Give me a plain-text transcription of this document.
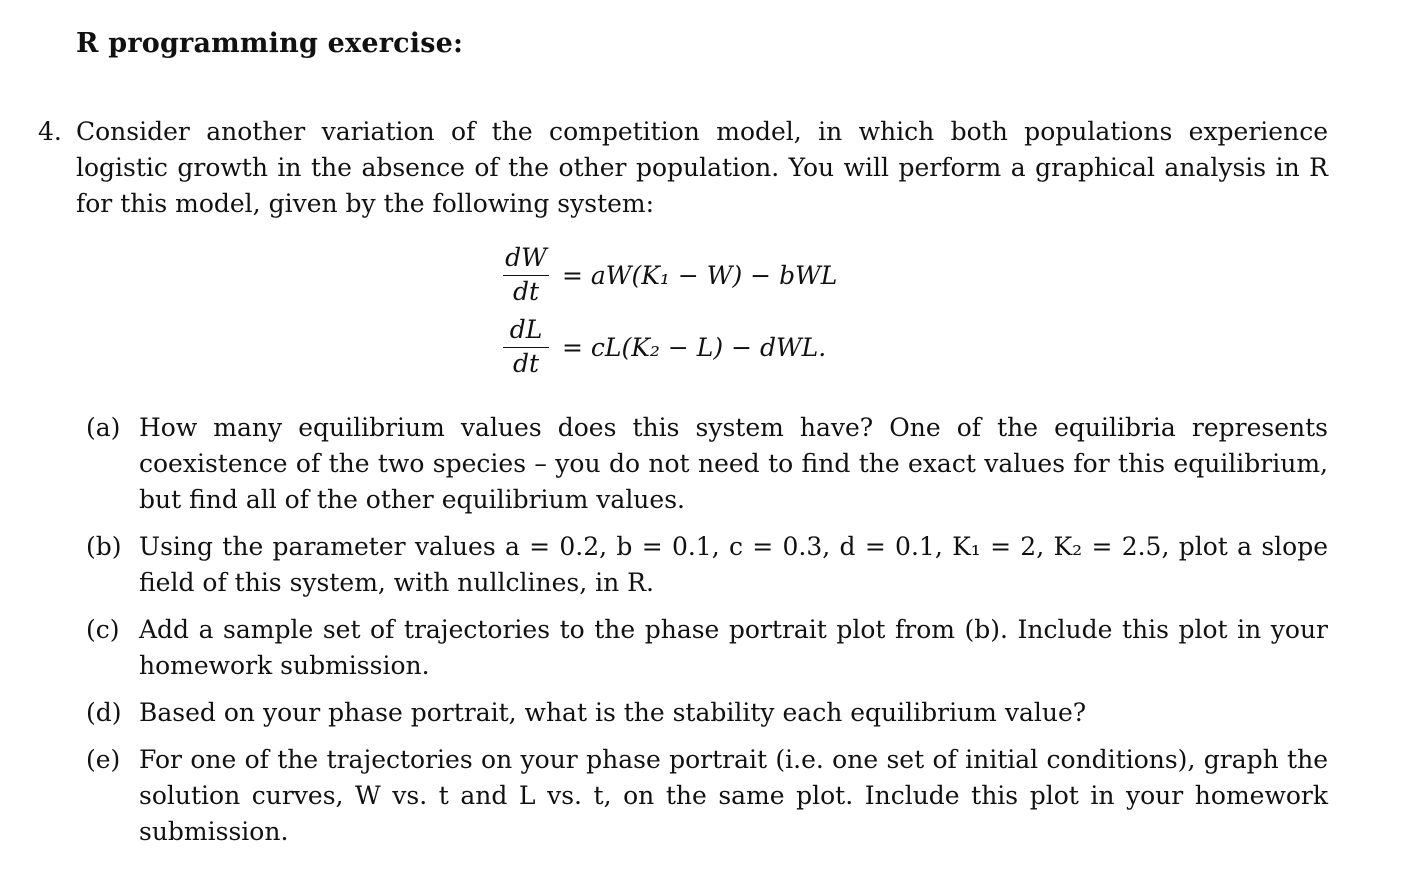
R programming exercise:
4. Consider another variation of the competition model, in which both populations experience logistic growth in the absence of the other population. You will perform a graphical analysis in R for this model, given by the following system:
$\frac{dW}{dt} = aW(K_1 - W)$ − bWL
$\frac{dL}{dt} = cL(K_2 - L)$ − dWL.
(a) How many equilibrium values does this system have? One of the equilibria represents coexistence of the two species – you do not need to find the exact values for this equilibrium, but find all of the other equilibrium values.
(b) Using the parameter values a = 0.2, b = 0.1, c = 0.3, d = 0.1, K₁ = 2, K₂ = 2.5, plot a slope field of this system, with nullclines, in R.
(c) Add a sample set of trajectories to the phase portrait plot from (b). Include this plot in your homework submission.
(d) Based on your phase portrait, what is the stability each equilibrium value?
(e) For one of the trajectories on your phase portrait (i.e. one set of initial conditions), graph the solution curves, W vs. t and L vs. t, on the same plot. Include this plot in your homework submission.
